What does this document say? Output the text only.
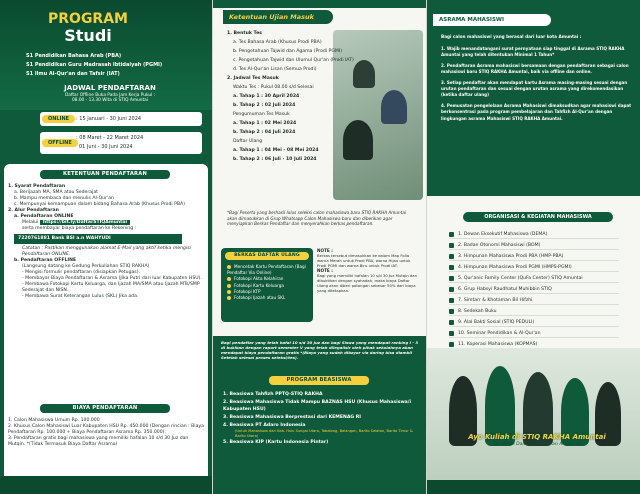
PROGRAM
Studi
S1 Pendidikan Bahasa Arab (PBA)
S1 Pendidikan Guru Madrasah Ibtidaiyah (PGMI)
S1 Ilmu Al-Qur'an dan Tafsir (IAT)
JADWAL PENDAFTARAN
Daftar Offline Buka Pada Jam Kerja Pukul :
08.00 - 13.30 Wita di STIQ Amuntai
ONLINE	: 15 Januari - 30 Juni 2024
OFFLINE
: 08 Maret - 22 Maret 2024
01 Juni - 30 Juni 2024
KETENTUAN PENDAFTARAN
1. Syarat Pendaftaran
a. Berijazah MA, SMA atau Sederajat
b. Mampu membaca dan menulis Al-Qur'an
c. Mempunyai kemampuan dalam bidang Bahasa Arab (Khusus Prodi PBA)
2. Alur Pendaftaran
a. Pendaftaran ONLINE
Melalui https://bit.ly/DaftarSTIQAmuntai
serta membayar biaya pendaftaran ke Rekening :
7220761881 Bank BSI a.n WAHYUDI
Catatan : Pastikan menggunakan alamat E-Mail yang aktif ketika mengisi Pendaftaran ONLINE.
b. Pendaftaran OFFLINE
(Langsung datang ke Gedung Perkuliahan STIQ RAKHA)
- Mengisi formulir pendaftaran (disiapkan Petugas).
- Membayar Biaya Pendaftaran & Asrama (Jika Putri dari luar Kabupaten HSU).
- Membawa Fotokopi Kartu Keluarga, dan Ijazah MA/SMA atau Ijazah MTs/SMP Sederajat dan NISN.
- Membawa Surat Keterangan Lulus (SKL) Jika ada.
BIAYA PENDAFTARAN
1. Calon Mahasiswa Umum Rp. 100.000
2. Khusus Calon Mahasiswi Luar Kabupaten HSU Rp. 450.000 (Dengan rincian : Biaya Pendaftaran Rp. 100.000 + Biaya Pendaftaran Asrama Rp. 350.000).
3. Pendaftaran gratis bagi mahasiswa yang memiliki hafalan 10 s/d 30 Juz dan Mutqin. *(Tidak Termasuk Biaya Daftar Asrama)
Ketentuan Ujian Masuk
1. Bentuk Tes
a. Tes Bahasa Arab (Khusus Prodi PBA)
b. Pengetahuan Tajwid dan Agama (Prodi PGMI)
c. Pengetahuan Tajwid dan Ulumul Qur'an (Prodi IAT)
d. Tes Al-Qur'an Lisan (Semua Prodi)
2. Jadwal Tes Masuk
Waktu Tes : Pukul 08.00 s/d Selesai
a. Tahap 1 : 30 April 2024
b. Tahap 2 : 02 Juli 2024
Pengumuman Tes Masuk
a. Tahap 1 : 02 Mei 2024
b. Tahap 2 : 04 Juli 2024
Daftar Ulang
a. Tahap 1 : 04 Mei - 08 Mei 2024
b. Tahap 2 : 06 Juli - 10 Juli 2024
*Bagi Peserta yang berhasil lulus seleksi calon mahasiswa baru STIQ RAKHA Amuntai akan dimasukkan di Grup Whatsapp Calon Mahasiswa baru dan diberikan agar menyiapkan Berkas Pendaftar dan menyerahkan berkas pendaftaran.
BERKAS DAFTAR ULANG
Mencetak Kartu Pendaftaran (Bagi Pendaftar Via Online)
Fotokopi Akta Kelahiran
Fotokopi Kartu Keluarga
Fotokopi KTP
Fotokopi Ijazah atau SKL
NOTE :
Berkas tersebut dimasukkan ke dalam Map Folio warna Merah untuk Prodi PBA, warna Hijau untuk Prodi PGMI dan warna Biru untuk Prodi IAT.
NOTE :
Bagi yang memiliki hafalan 10 s/d 30 Juz Mutqin dan dibuktikan dengan syahadah, maka biaya Daftar Ulang akan diberi potongan sebesar 50% dari biaya yang ditetapkan.
Bagi pendaftar yang telah hafal 10 s/d 30 Juz dan bagi Siswa yang mendapat ranking I - 3 di bukikan dengan raport semester V yang telah dilegalisir oleh pihak sekolahnya akan mendapat biaya pendaftaran gratis *(Biaya yang sudah dibayar via daring bisa diambil Setelah selesai proses seleksi/tes).
PROGRAM BEASISWA
1. Beasiswa Tahfizh PPTQ-STIQ RAKHA
2. Beasiswa Mahasiswa Tidak Mampu BAZNAS HSU (Khusus Mahasiswa/i Kabupaten HSU)
3. Beasiswa Mahasiswa Berprestasi dari KEMENAG RI
4. Beasiswa PT Adaro Indonesia
(Untuk Mahasiswa dari Kab. Hulu Sungai Utara, Tabalong, Balangan, Barito Selatan, Barito Timur & Barito Utara)
5. Beasiswa KIP (Kartu Indonesia Pintar)
ASRAMA MAHASISWI
Bagi calon mahasiswi yang berasal dari luar kota Amuntai :
1. Wajib menandatangani surat pernyataan siap tinggal di Asrama STIQ RAKHA Amuntai yang telah ditentukan Minimal 1 Tahun*
2. Pendaftaran Asrama mahasiswi bersamaan dengan pendaftaran sebagai calon mahasiswi baru STIQ RAKHA Amuntai, baik via offline dan online.
3. Setiap pendaftar akan mendapat kartu Asrama masing-masing sesuai dengan urutan pendaftaran dan sesuai dengan urutan asrama yang direkomendasikan (ketika daftar ulang)
4. Pemusatan pengelolaan Asrama Mahasiswi dimaksudkan agar mahasiswi dapat berkonsentrasi pada program pembelajaran dan Tahfizh Al-Qur'an dengan lingkungan asrama Mahasiswi STIQ RAKHA Amuntai.
ORGANISASI & KEGIATAN MAHASISWA
1. Dewan Eksekutif Mahasiswa (DEMA)
2. Badan Otonomi Mahasiswi (BOM)
3. Himpunan Mahasiswa Prodi PBA (HMP-PBA)
4. Himpunan Mahasiswa Prodi PGMI (HMPS-PGMI)
5. Qur'anic Family Center (QuFa Center) STIQ Amuntai
6. Grup Habsyi Raudhatul Muhibbin STIQ
7. Simtarr & Khotaman Bil Hifzhi
8. Sedekah Buku
9. Alal Bakti Sosial (STIQ PEDULI)
10. Seminar Pendidikan & Al-Qur'an
11. Koperasi Mahasiswa (KOPMAS)
Ayo Kuliah di STIQ RAKHA Amuntai
Terdepan Dalam Pendidikan Al-Qur'an
